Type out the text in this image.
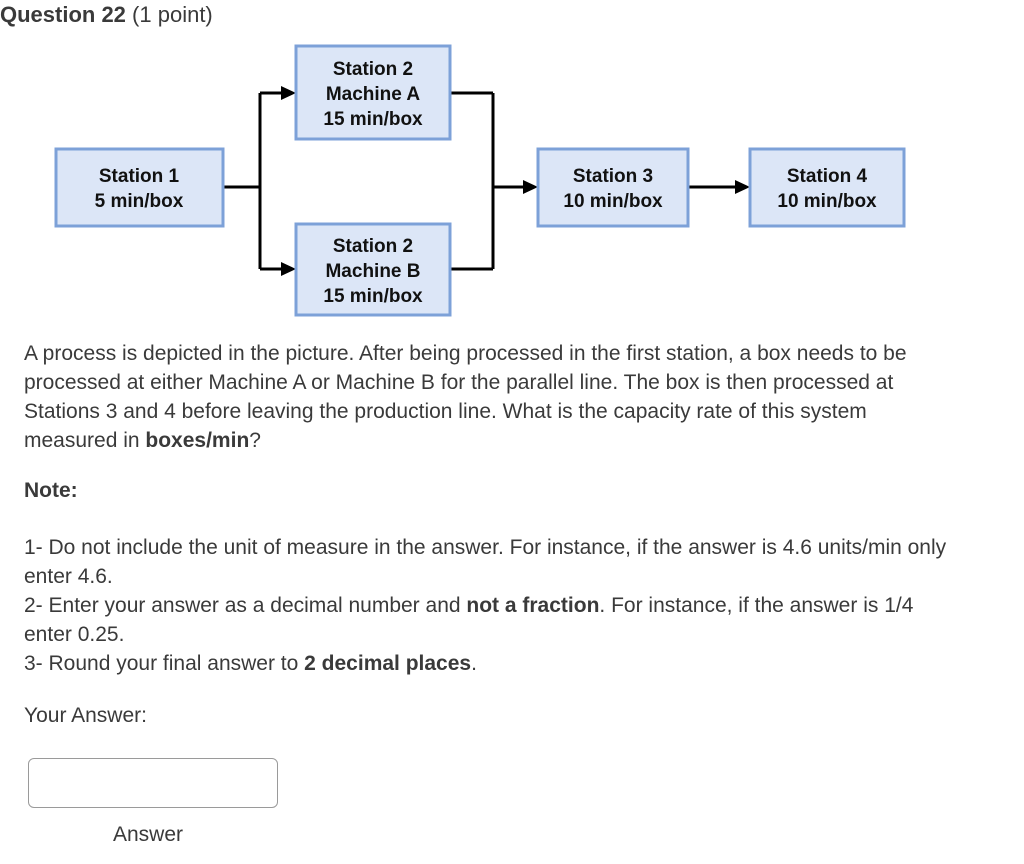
Question 22 (1 point)
Station 1
5 min/box
Station 2
Machine A
15 min/box
Station 2
Machine B
15 min/box
Station 3
10 min/box
Station 4
10 min/box
A process is depicted in the picture. After being processed in the first station, a box needs to be processed at either Machine A or Machine B for the parallel line. The box is then processed at Stations 3 and 4 before leaving the production line. What is the capacity rate of this system measured in boxes/min?
Note:
1- Do not include the unit of measure in the answer. For instance, if the answer is 4.6 units/min only enter 4.6.
2- Enter your answer as a decimal number and not a fraction. For instance, if the answer is 1/4 enter 0.25.
3- Round your final answer to 2 decimal places.
Your Answer:
Answer
